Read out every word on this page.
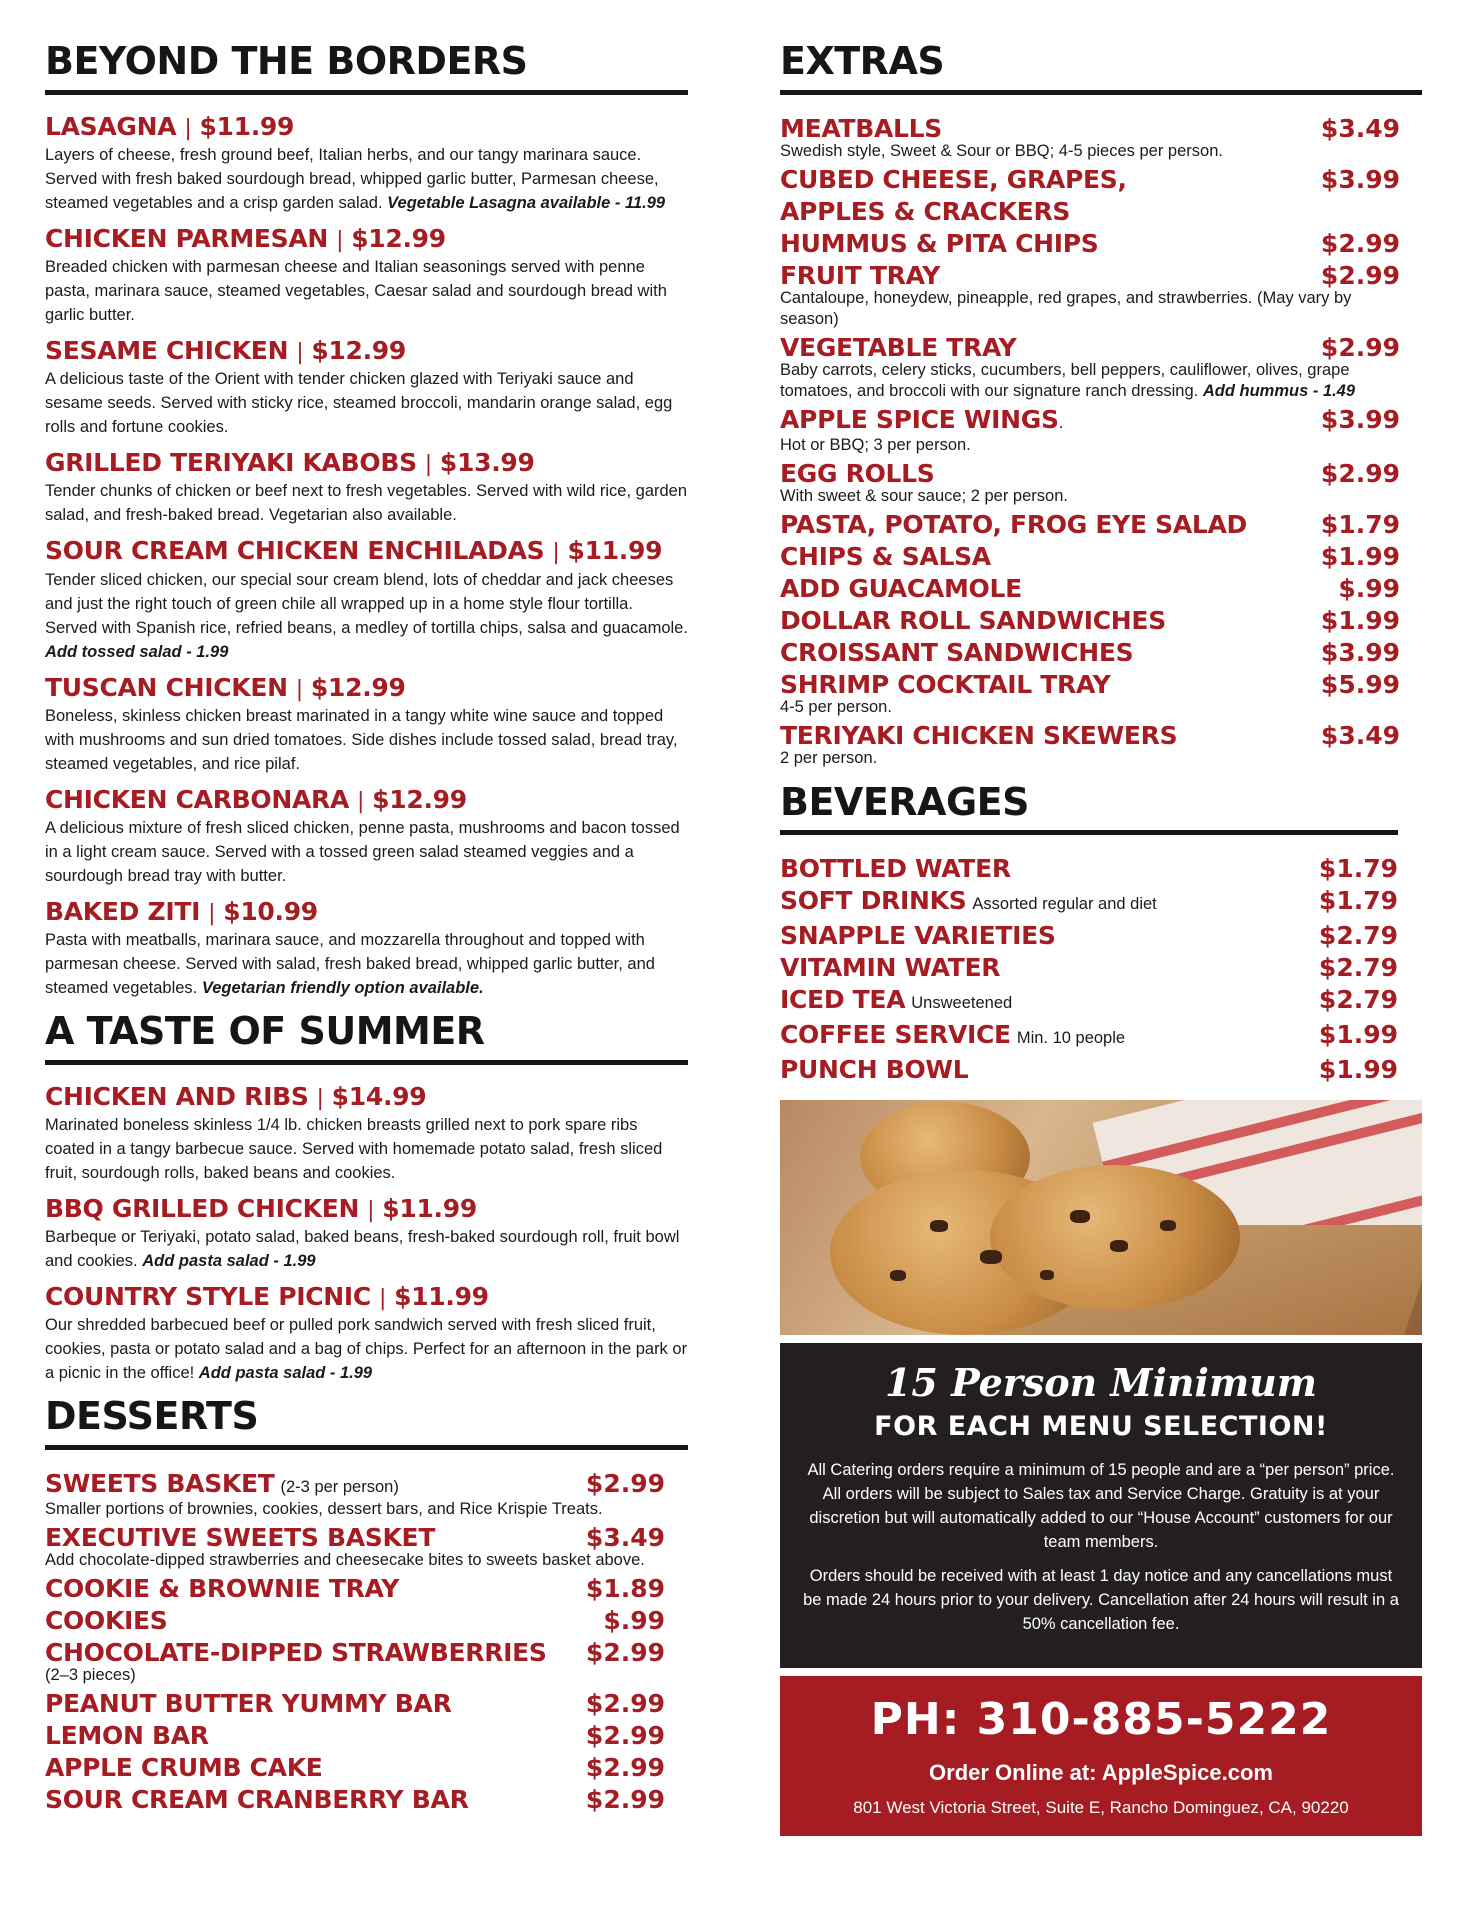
BEYOND THE BORDERS
LASAGNA | $11.99
Layers of cheese, fresh ground beef, Italian herbs, and our tangy marinara sauce. Served with fresh baked sourdough bread, whipped garlic butter, Parmesan cheese, steamed vegetables and a crisp garden salad. Vegetable Lasagna available - 11.99
CHICKEN PARMESAN | $12.99
Breaded chicken with parmesan cheese and Italian seasonings served with penne pasta, marinara sauce, steamed vegetables, Caesar salad and sourdough bread with garlic butter.
SESAME CHICKEN | $12.99
A delicious taste of the Orient with tender chicken glazed with Teriyaki sauce and sesame seeds. Served with sticky rice, steamed broccoli, mandarin orange salad, egg rolls and fortune cookies.
GRILLED TERIYAKI KABOBS | $13.99
Tender chunks of chicken or beef next to fresh vegetables. Served with wild rice, garden salad, and fresh-baked bread. Vegetarian also available.
SOUR CREAM CHICKEN ENCHILADAS | $11.99
Tender sliced chicken, our special sour cream blend, lots of cheddar and jack cheeses and just the right touch of green chile all wrapped up in a home style flour tortilla. Served with Spanish rice, refried beans, a medley of tortilla chips, salsa and guacamole. Add tossed salad - 1.99
TUSCAN CHICKEN | $12.99
Boneless, skinless chicken breast marinated in a tangy white wine sauce and topped with mushrooms and sun dried tomatoes. Side dishes include tossed salad, bread tray, steamed vegetables, and rice pilaf.
CHICKEN CARBONARA | $12.99
A delicious mixture of fresh sliced chicken, penne pasta, mushrooms and bacon tossed in a light cream sauce. Served with a tossed green salad steamed veggies and a sourdough bread tray with butter.
BAKED ZITI | $10.99
Pasta with meatballs, marinara sauce, and mozzarella throughout and topped with parmesan cheese. Served with salad, fresh baked bread, whipped garlic butter, and steamed vegetables. Vegetarian friendly option available.
A TASTE OF SUMMER
CHICKEN AND RIBS | $14.99
Marinated boneless skinless 1/4 lb. chicken breasts grilled next to pork spare ribs coated in a tangy barbecue sauce. Served with homemade potato salad, fresh sliced fruit, sourdough rolls, baked beans and cookies.
BBQ GRILLED CHICKEN | $11.99
Barbeque or Teriyaki, potato salad, baked beans, fresh-baked sourdough roll, fruit bowl and cookies. Add pasta salad - 1.99
COUNTRY STYLE PICNIC | $11.99
Our shredded barbecued beef or pulled pork sandwich served with fresh sliced fruit, cookies, pasta or potato salad and a bag of chips. Perfect for an afternoon in the park or a picnic in the office! Add pasta salad - 1.99
DESSERTS
SWEETS BASKET (2-3 per person)	$2.99
Smaller portions of brownies, cookies, dessert bars, and Rice Krispie Treats.
EXECUTIVE SWEETS BASKET	$3.49
Add chocolate-dipped strawberries and cheesecake bites to sweets basket above.
COOKIE & BROWNIE TRAY	$1.89
COOKIES	$.99
CHOCOLATE-DIPPED STRAWBERRIES $2.99
(2–3 pieces)
PEANUT BUTTER YUMMY BAR	$2.99
LEMON BAR	$2.99
APPLE CRUMB CAKE	$2.99
SOUR CREAM CRANBERRY BAR	$2.99
EXTRAS
MEATBALLS	$3.49
Swedish style, Sweet & Sour or BBQ; 4-5 pieces per person.
CUBED CHEESE, GRAPES, APPLES & CRACKERS
$3.99
HUMMUS & PITA CHIPS	$2.99
FRUIT TRAY	$2.99
Cantaloupe, honeydew, pineapple, red grapes, and strawberries. (May vary by season)
VEGETABLE TRAY	$2.99
Baby carrots, celery sticks, cucumbers, bell peppers, cauliflower, olives, grape tomatoes, and broccoli with our signature ranch dressing. Add hummus - 1.49
APPLE SPICE WINGS.	$3.99
Hot or BBQ; 3 per person.
EGG ROLLS	$2.99
With sweet & sour sauce; 2 per person.
PASTA, POTATO, FROG EYE SALAD	$1.79
CHIPS & SALSA	$1.99
ADD GUACAMOLE	$.99
DOLLAR ROLL SANDWICHES	$1.99
CROISSANT SANDWICHES	$3.99
SHRIMP COCKTAIL TRAY	$5.99
4-5 per person.
TERIYAKI CHICKEN SKEWERS	$3.49
2 per person.
BEVERAGES
BOTTLED WATER	$1.79
SOFT DRINKS Assorted regular and diet	$1.79
SNAPPLE VARIETIES	$2.79
VITAMIN WATER	$2.79
ICED TEA Unsweetened	$2.79
COFFEE SERVICE Min. 10 people	$1.99
PUNCH BOWL	$1.99
15 Person Minimum
FOR EACH MENU SELECTION!

All Catering orders require a minimum of 15 people and are a “per person” price. All orders will be subject to Sales tax and Service Charge. Gratuity is at your discretion but will automatically added to our “House Account” customers for our team members.

Orders should be received with at least 1 day notice and any cancellations must be made 24 hours prior to your delivery. Cancellation after 24 hours will result in a 50% cancellation fee.

PH: 310-885-5222
Order Online at: AppleSpice.com
801 West Victoria Street, Suite E, Rancho Dominguez, CA, 90220
